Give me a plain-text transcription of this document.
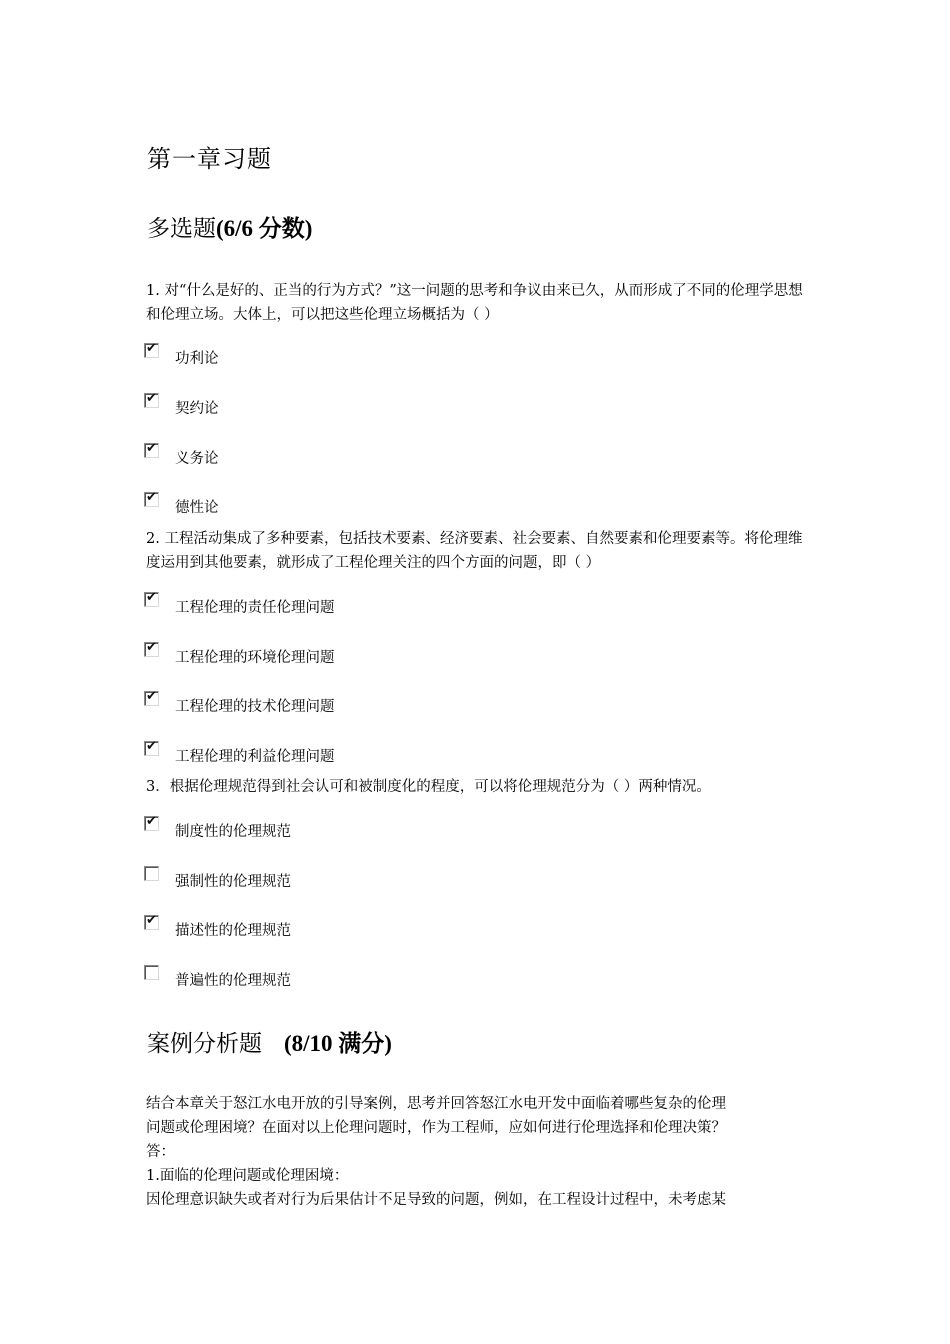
第一章习题
多选题(6/6 分数)
1. 对“什么是好的、正当的行为方式？”这一问题的思考和争议由来已久，从而形成了不同的伦理学思想和伦理立场。大体上，可以把这些伦理立场概括为（ ）
✔
功利论
✔
契约论
✔
义务论
✔
德性论
2. 工程活动集成了多种要素，包括技术要素、经济要素、社会要素、自然要素和伦理要素等。将伦理维度运用到其他要素，就形成了工程伦理关注的四个方面的问题，即（ ）
✔
工程伦理的责任伦理问题
✔
工程伦理的环境伦理问题
✔
工程伦理的技术伦理问题
✔
工程伦理的利益伦理问题
3．根据伦理规范得到社会认可和被制度化的程度，可以将伦理规范分为（ ）两种情况。
✔
制度性的伦理规范
强制性的伦理规范
✔
描述性的伦理规范
普遍性的伦理规范
案例分析题 (8/10 满分)
结合本章关于怒江水电开放的引导案例，思考并回答怒江水电开发中面临着哪些复杂的伦理
问题或伦理困境？在面对以上伦理问题时，作为工程师，应如何进行伦理选择和伦理决策？
答：
1.面临的伦理问题或伦理困境：
因伦理意识缺失或者对行为后果估计不足导致的问题，例如，在工程设计过程中，未考虑某
